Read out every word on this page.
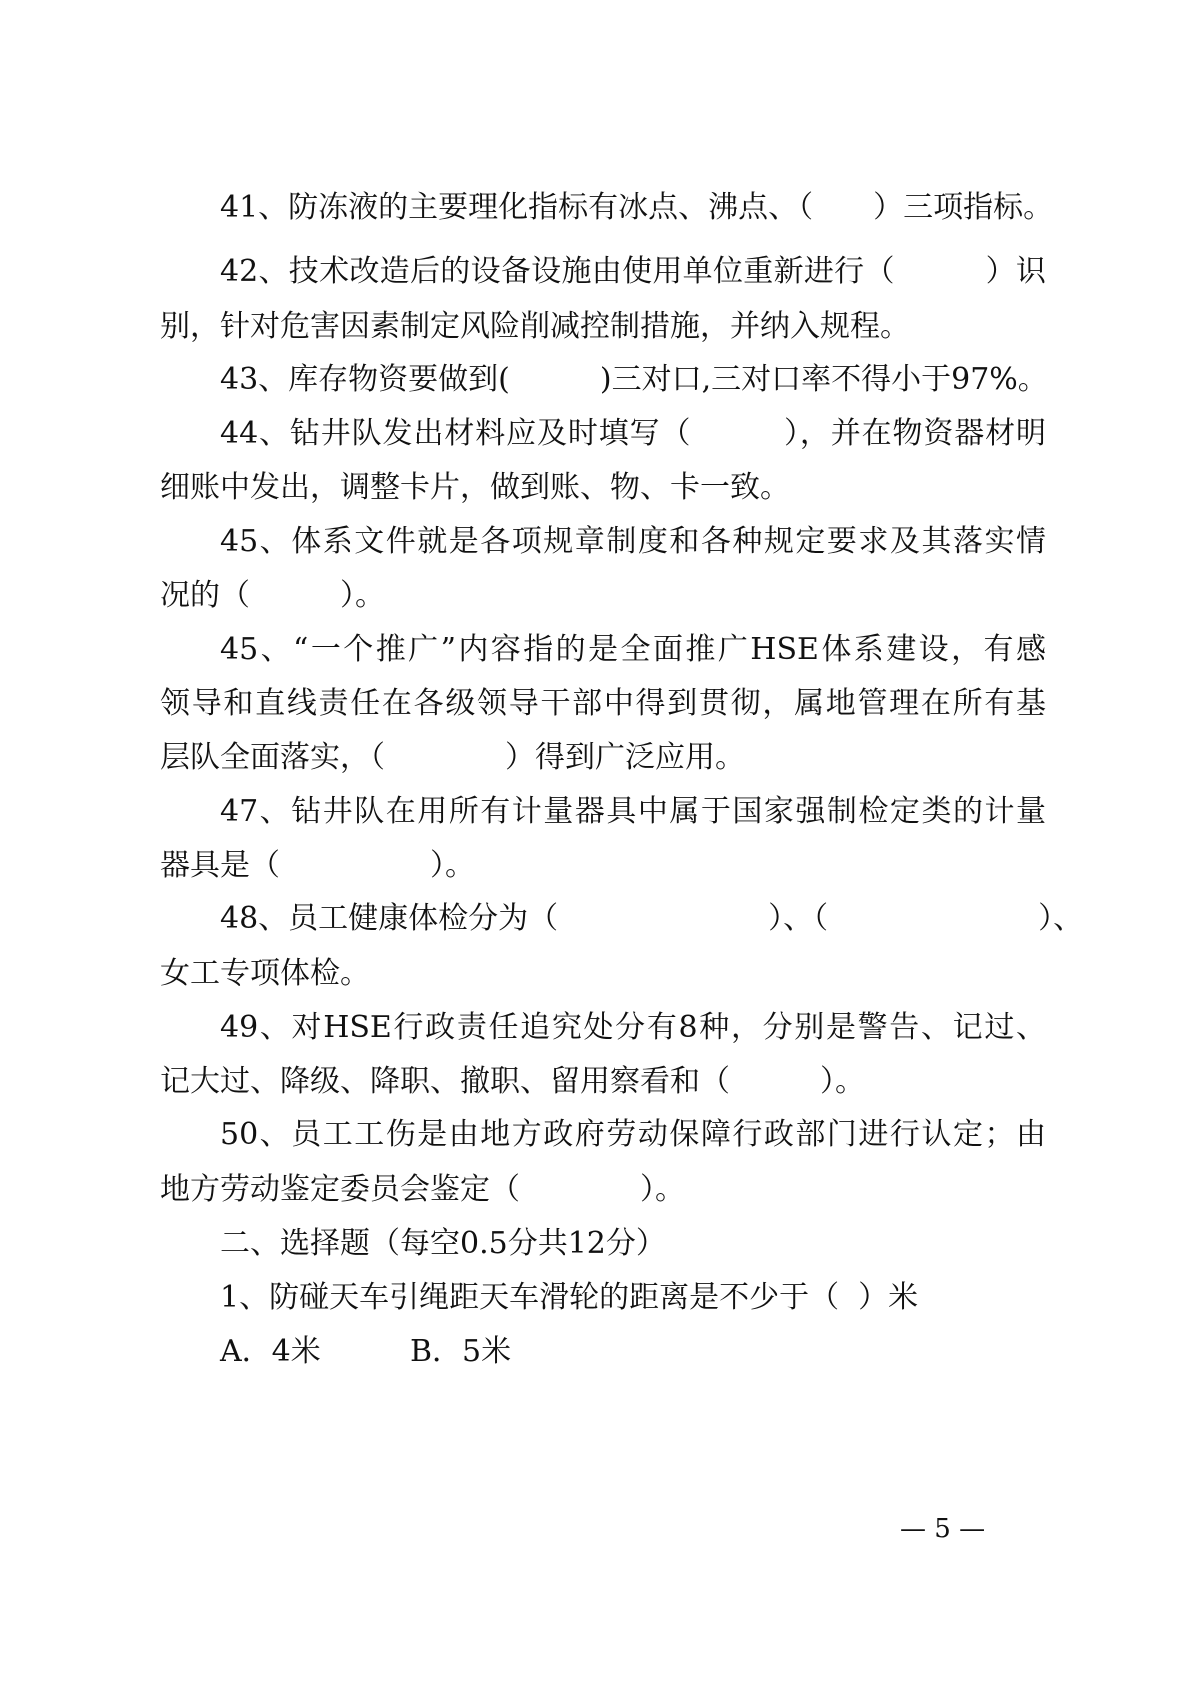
41、防冻液的主要理化指标有冰点、沸点、（　　）三项指标。
42、技术改造后的设备设施由使用单位重新进行（　　　）识
别，针对危害因素制定风险削减控制措施，并纳入规程。
43、库存物资要做到(　　　)三对口,三对口率不得小于97%。
44、钻井队发出材料应及时填写（　　　），并在物资器材明
细账中发出，调整卡片，做到账、物、卡一致。
45、体系文件就是各项规章制度和各种规定要求及其落实情
况的（　　　）。
45、“一个推广”内容指的是全面推广HSE体系建设，有感
领导和直线责任在各级领导干部中得到贯彻，属地管理在所有基
层队全面落实，（　　　　）得到广泛应用。
47、钻井队在用所有计量器具中属于国家强制检定类的计量
器具是（　　　　　）。
48、员工健康体检分为（　　　　　　　）、（　　　　　　　）、
女工专项体检。
49、对HSE行政责任追究处分有8种，分别是警告、记过、
记大过、降级、降职、撤职、留用察看和（　　　）。
50、员工工伤是由地方政府劳动保障行政部门进行认定；由
地方劳动鉴定委员会鉴定（　　　　）。
二、选择题（每空0.5分共12分）
1、防碰天车引绳距天车滑轮的距离是不少于（  ）米
A．4米	B．5米
— 5 —
